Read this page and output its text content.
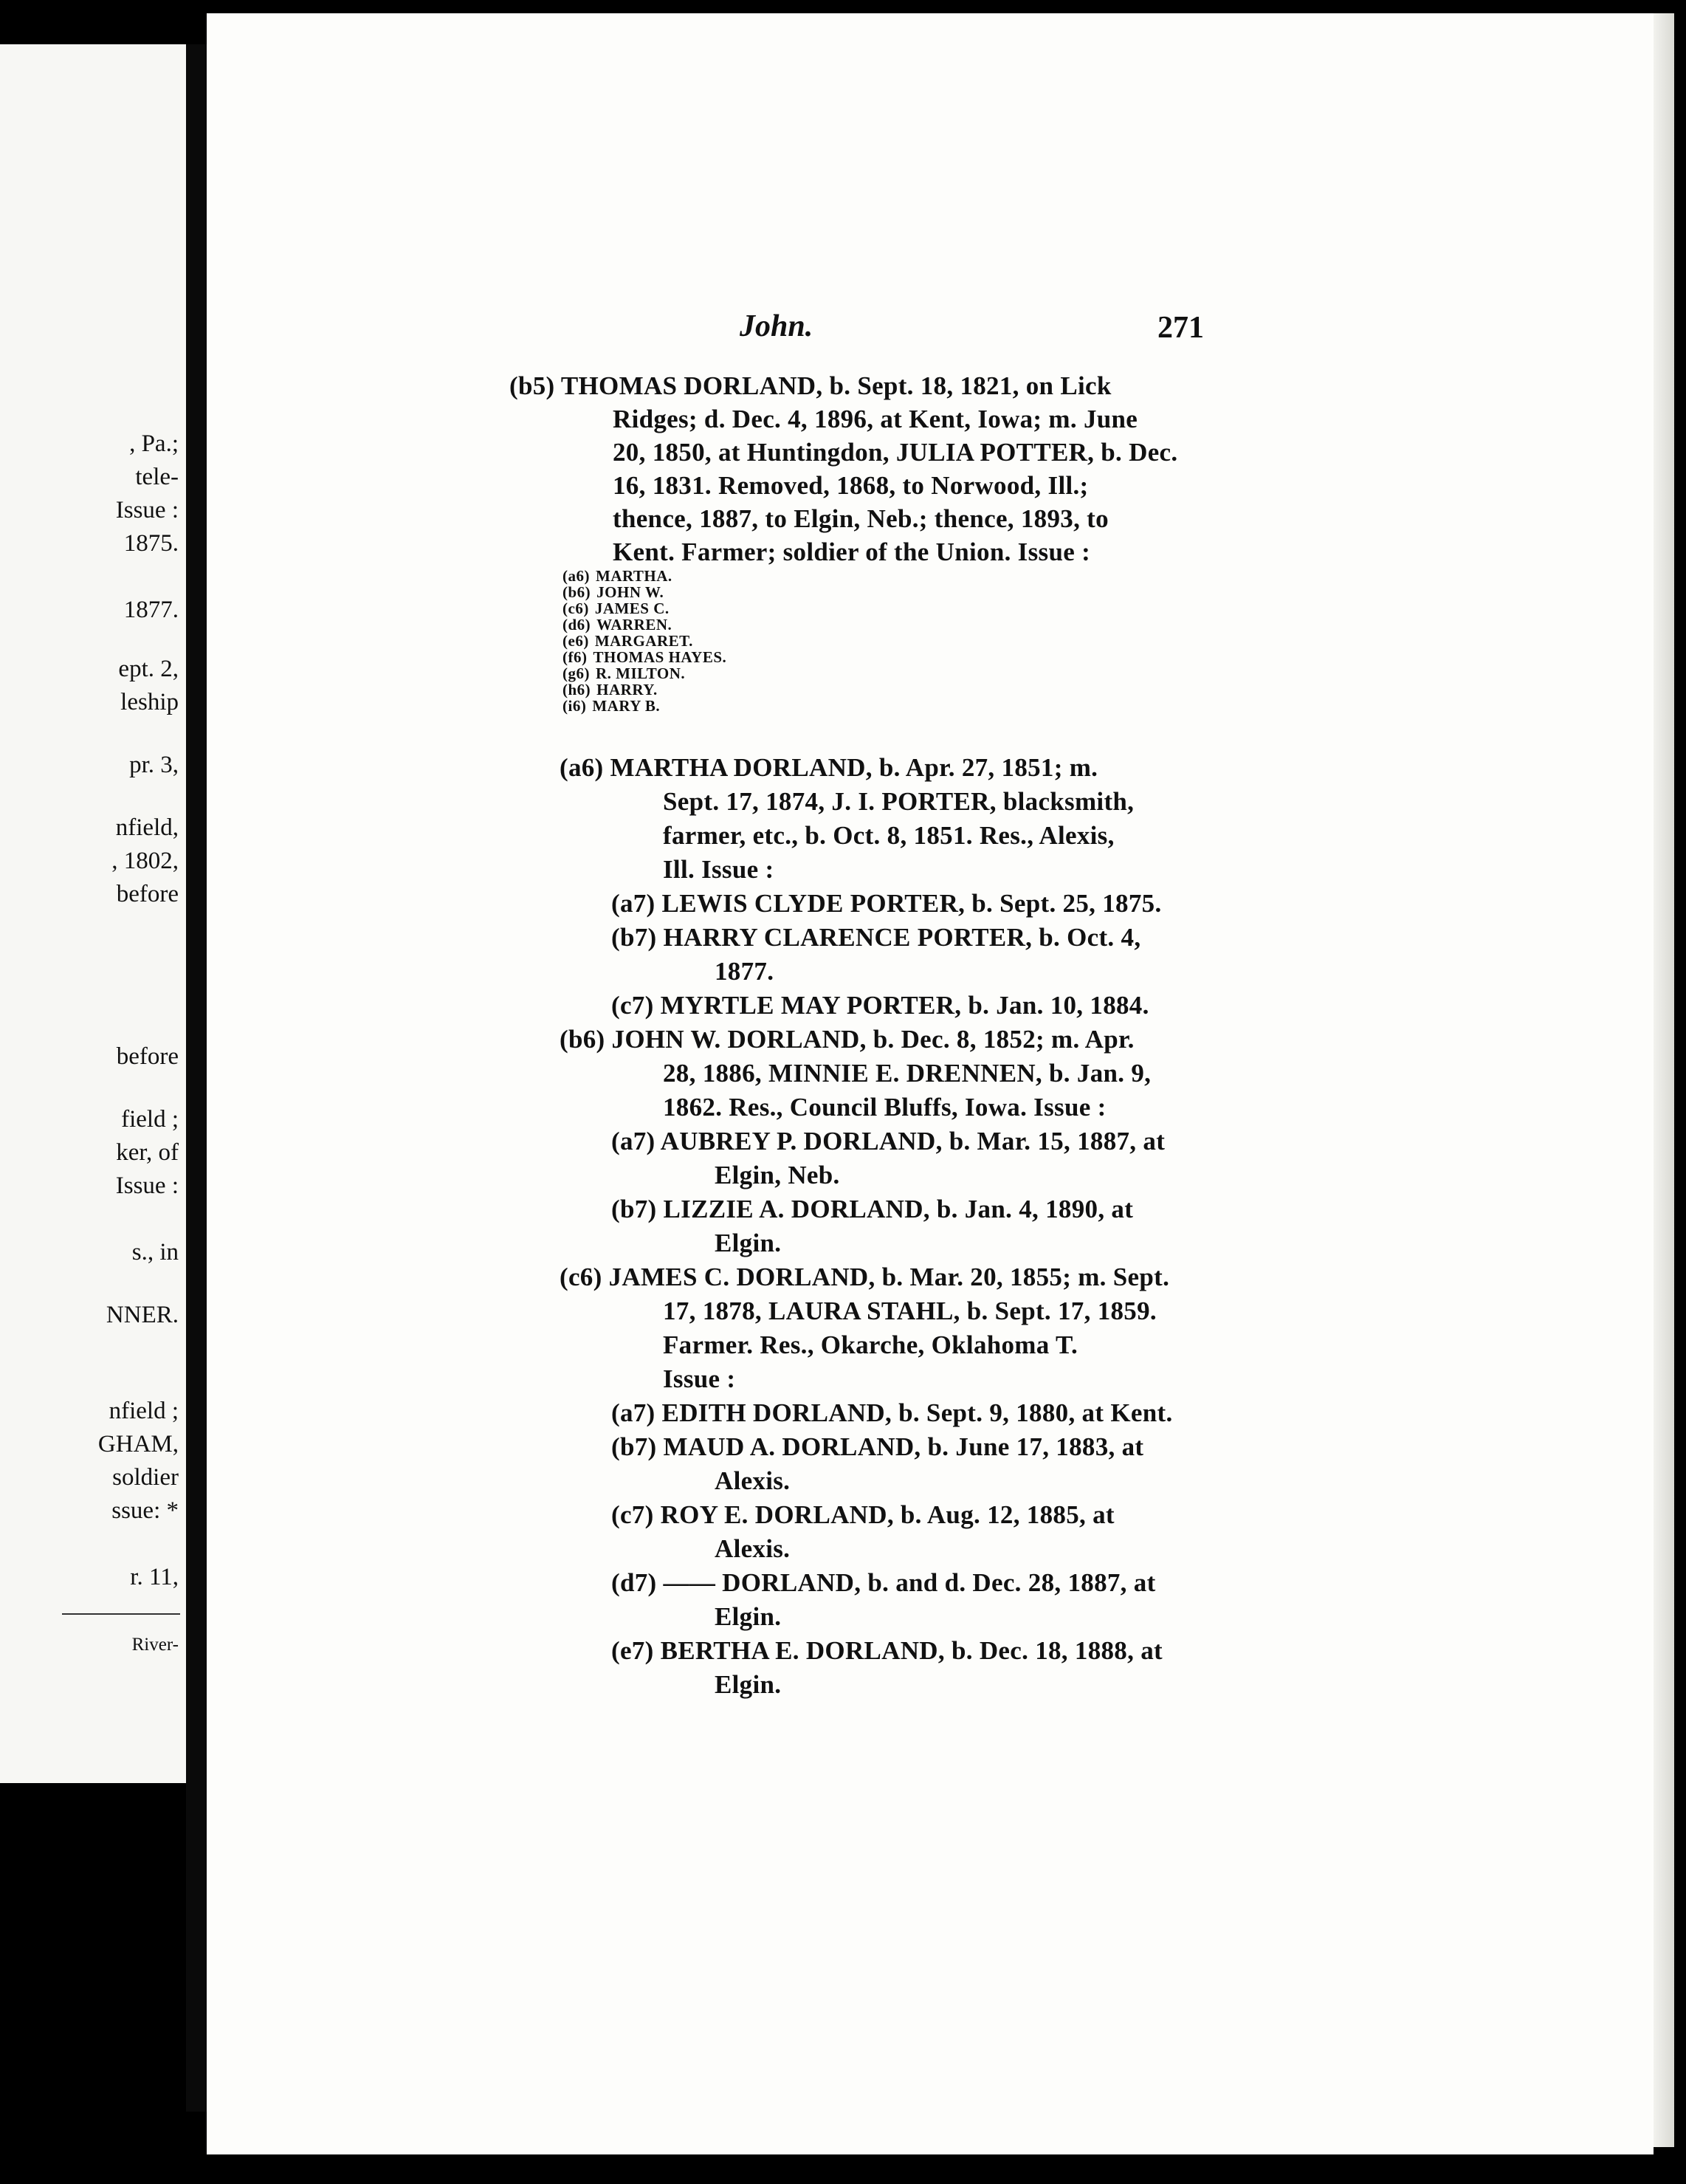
, Pa.;
tele-
Issue :
1875.
1877.
ept. 2,
leship
pr. 3,
nfield,
, 1802,
before
before
field ;
ker, of
Issue :
s., in
NNER.
nfield ;
GHAM,
soldier
ssue: *
r. 11,
River-
John.	271
(b5) THOMAS DORLAND, b. Sept. 18, 1821, on Lick
Ridges; d. Dec. 4, 1896, at Kent, Iowa; m. June
20, 1850, at Huntingdon, JULIA POTTER, b. Dec.
16, 1831. Removed, 1868, to Norwood, Ill.;
thence, 1887, to Elgin, Neb.; thence, 1893, to
Kent. Farmer; soldier of the Union. Issue :
(a6) MARTHA.
(b6) JOHN W.
(c6) JAMES C.
(d6) WARREN.
(e6) MARGARET.
(f6) THOMAS HAYES.
(g6) R. MILTON.
(h6) HARRY.
(i6) MARY B.
(a6) MARTHA DORLAND, b. Apr. 27, 1851; m.
Sept. 17, 1874, J. I. PORTER, blacksmith,
farmer, etc., b. Oct. 8, 1851. Res., Alexis,
Ill. Issue :
(a7) LEWIS CLYDE PORTER, b. Sept. 25, 1875.
(b7) HARRY CLARENCE PORTER, b. Oct. 4,
1877.
(c7) MYRTLE MAY PORTER, b. Jan. 10, 1884.
(b6) JOHN W. DORLAND, b. Dec. 8, 1852; m. Apr.
28, 1886, MINNIE E. DRENNEN, b. Jan. 9,
1862. Res., Council Bluffs, Iowa. Issue :
(a7) AUBREY P. DORLAND, b. Mar. 15, 1887, at
Elgin, Neb.
(b7) LIZZIE A. DORLAND, b. Jan. 4, 1890, at
Elgin.
(c6) JAMES C. DORLAND, b. Mar. 20, 1855; m. Sept.
17, 1878, LAURA STAHL, b. Sept. 17, 1859.
Farmer. Res., Okarche, Oklahoma T.
Issue :
(a7) EDITH DORLAND, b. Sept. 9, 1880, at Kent.
(b7) MAUD A. DORLAND, b. June 17, 1883, at
Alexis.
(c7) ROY E. DORLAND, b. Aug. 12, 1885, at
Alexis.
(d7) —— DORLAND, b. and d. Dec. 28, 1887, at
Elgin.
(e7) BERTHA E. DORLAND, b. Dec. 18, 1888, at
Elgin.
